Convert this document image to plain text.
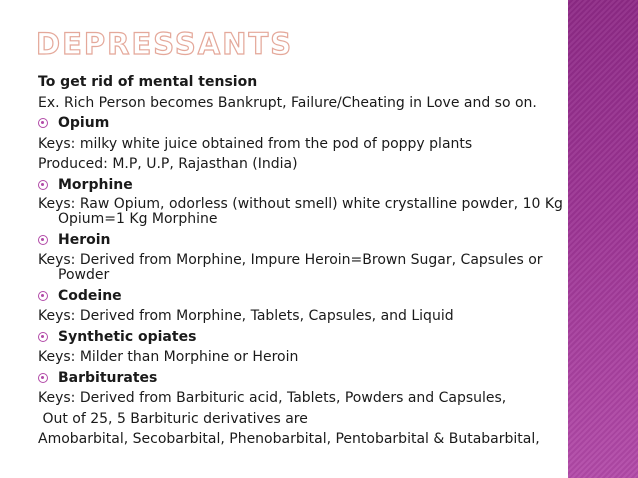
DEPRESSANTS
To get rid of mental tension
Ex. Rich Person becomes Bankrupt, Failure/Cheating in Love and so on.
Opium
Keys: milky white juice obtained from the pod of poppy plants
Produced: M.P, U.P, Rajasthan (India)
Morphine
Keys: Raw Opium, odorless (without smell) white crystalline powder, 10 Kg
Opium=1 Kg Morphine
Heroin
Keys: Derived from Morphine, Impure Heroin=Brown Sugar, Capsules or
Powder
Codeine
Keys: Derived from Morphine, Tablets, Capsules, and Liquid
Synthetic opiates
Keys: Milder than Morphine or Heroin
Barbiturates
Keys: Derived from Barbituric acid, Tablets, Powders and Capsules,
Out of 25, 5 Barbituric derivatives are
Amobarbital, Secobarbital, Phenobarbital, Pentobarbital & Butabarbital,
